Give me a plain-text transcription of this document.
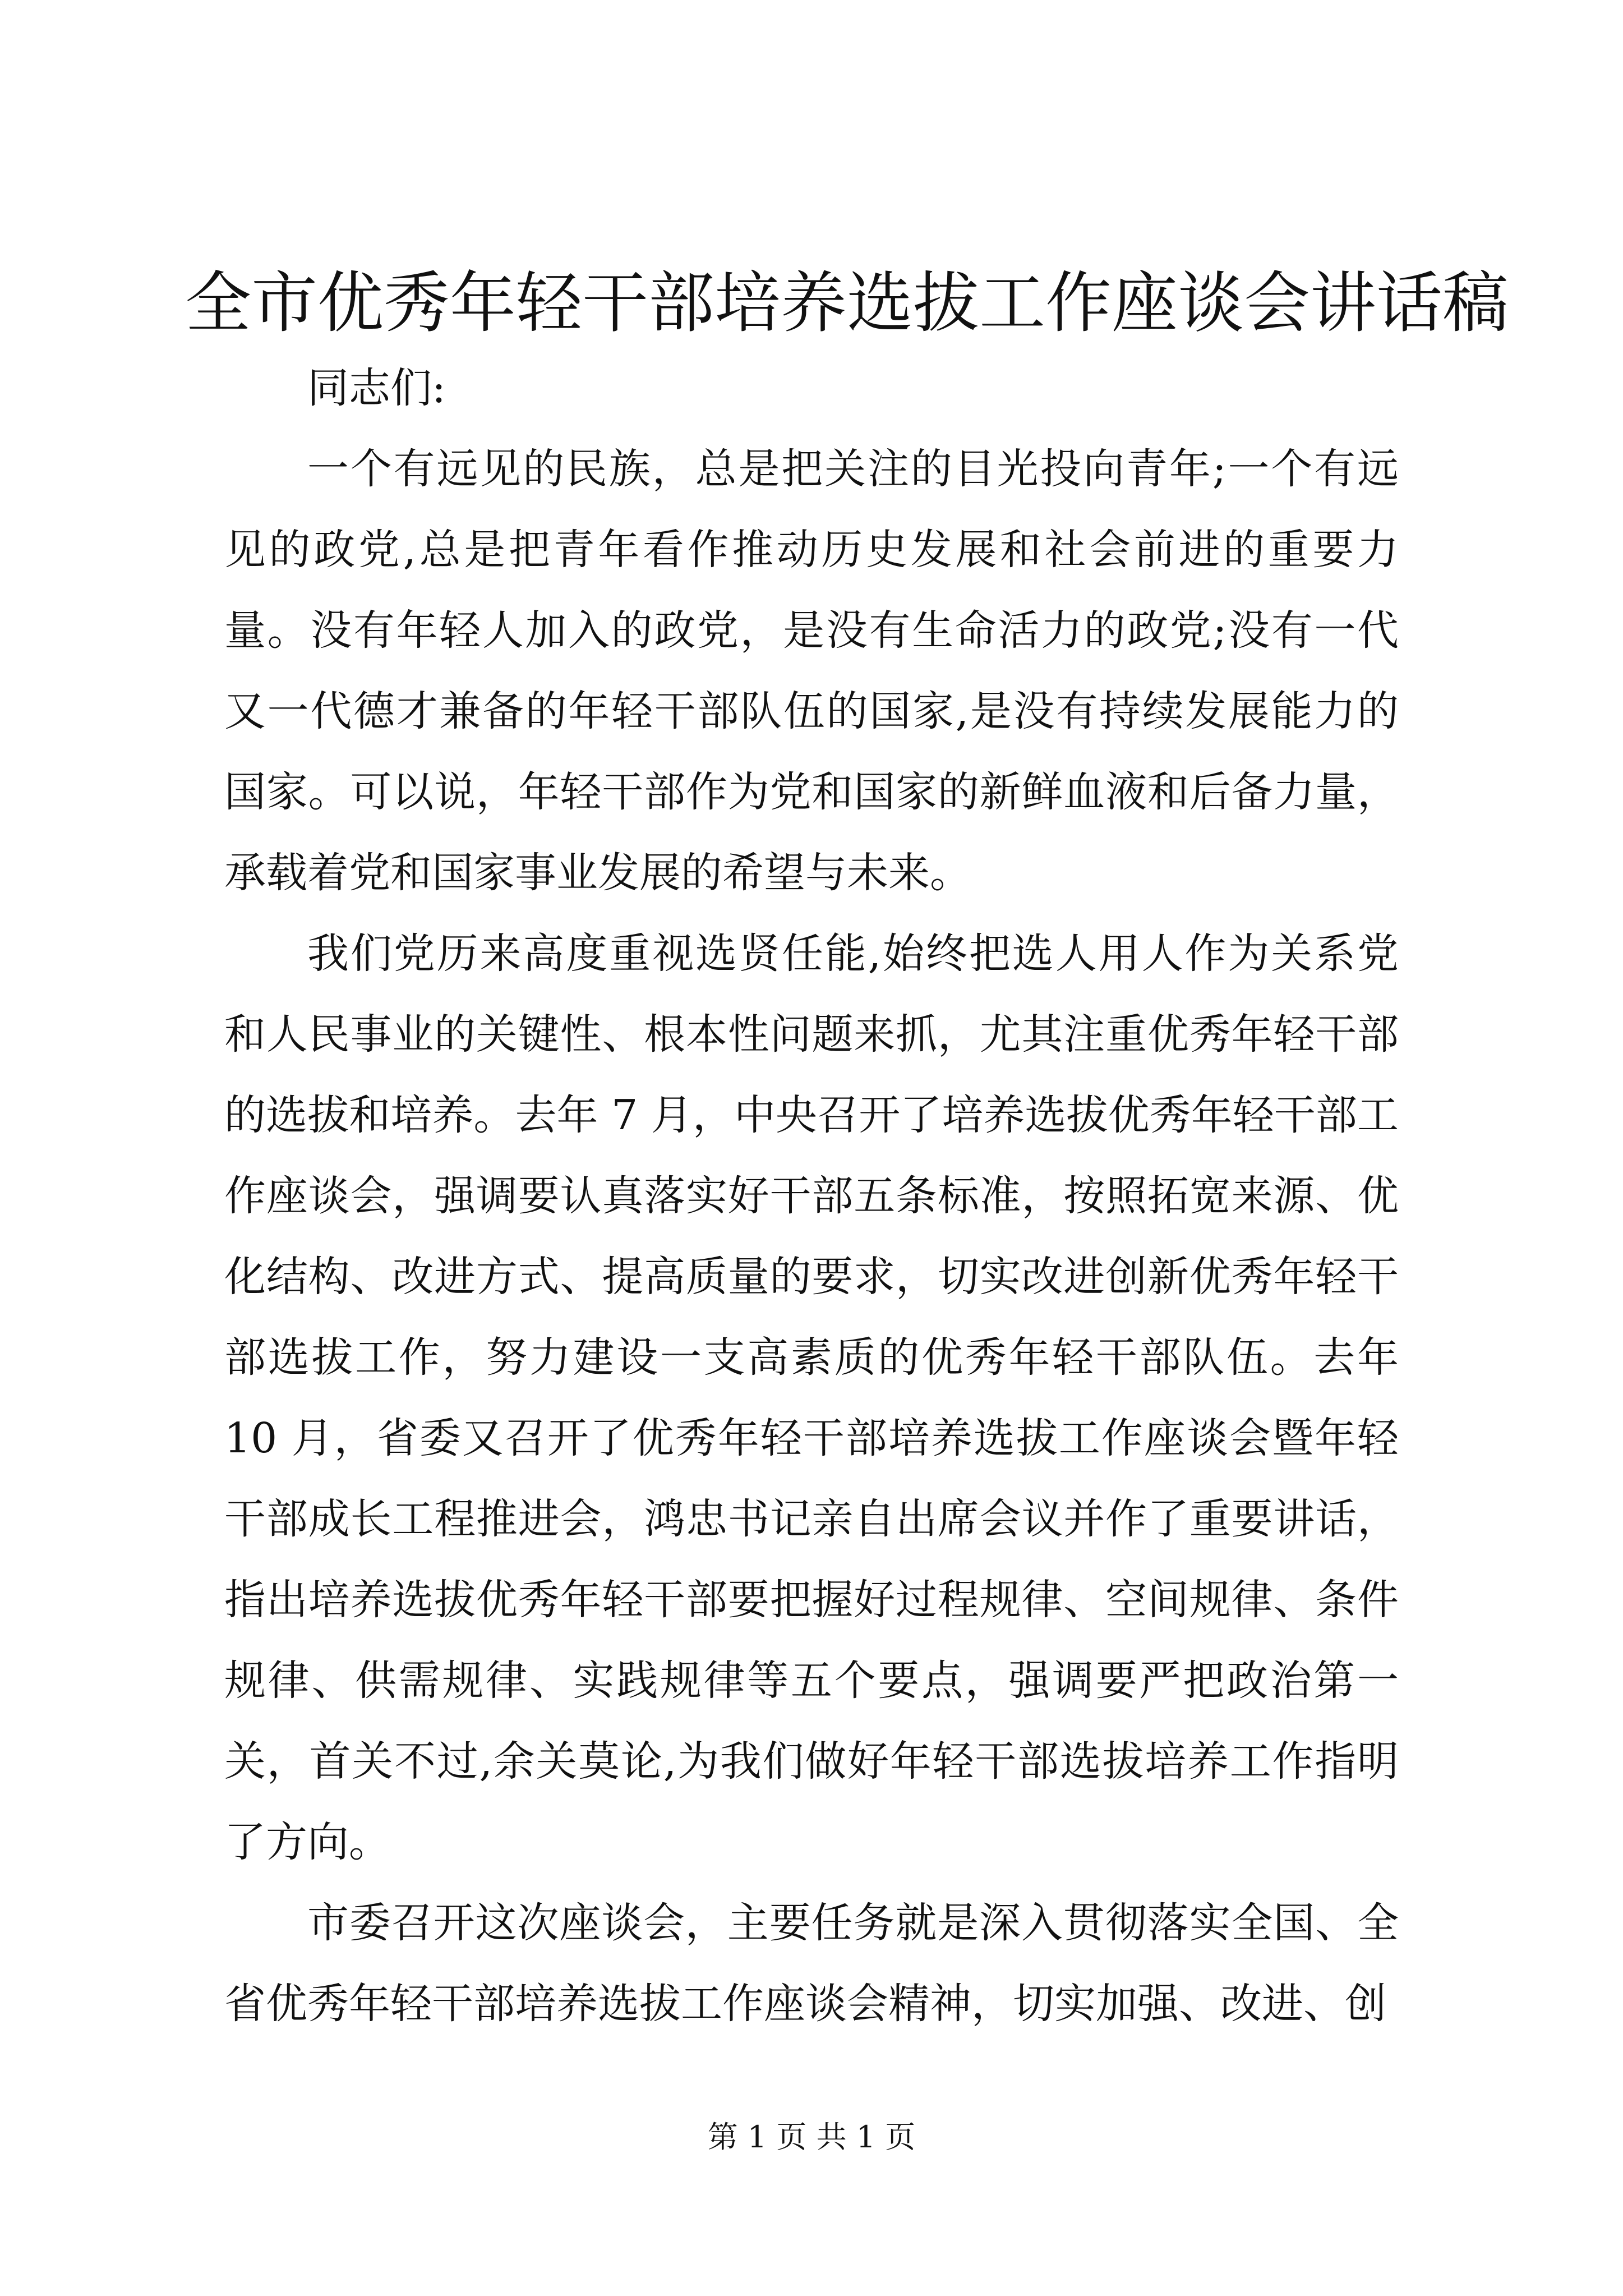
全市优秀年轻干部培养选拔工作座谈会讲话稿

同志们:

一个有远见的民族，总是把关注的目光投向青年;一个有远见的政党,总是把青年看作推动历史发展和社会前进的重要力量。没有年轻人加入的政党，是没有生命活力的政党;没有一代又一代德才兼备的年轻干部队伍的国家,是没有持续发展能力的国家。可以说，年轻干部作为党和国家的新鲜血液和后备力量，承载着党和国家事业发展的希望与未来。

我们党历来高度重视选贤任能,始终把选人用人作为关系党和人民事业的关键性、根本性问题来抓，尤其注重优秀年轻干部的选拔和培养。去年 7 月，中央召开了培养选拔优秀年轻干部工作座谈会，强调要认真落实好干部五条标准，按照拓宽来源、优化结构、改进方式、提高质量的要求，切实改进创新优秀年轻干部选拔工作，努力建设一支高素质的优秀年轻干部队伍。去年 10 月，省委又召开了优秀年轻干部培养选拔工作座谈会暨年轻干部成长工程推进会，鸿忠书记亲自出席会议并作了重要讲话，指出培养选拔优秀年轻干部要把握好过程规律、空间规律、条件规律、供需规律、实践规律等五个要点，强调要严把政治第一关，首关不过,余关莫论,为我们做好年轻干部选拔培养工作指明了方向。

市委召开这次座谈会，主要任务就是深入贯彻落实全国、全省优秀年轻干部培养选拔工作座谈会精神，切实加强、改进、创

第 1 页 共 1 页
